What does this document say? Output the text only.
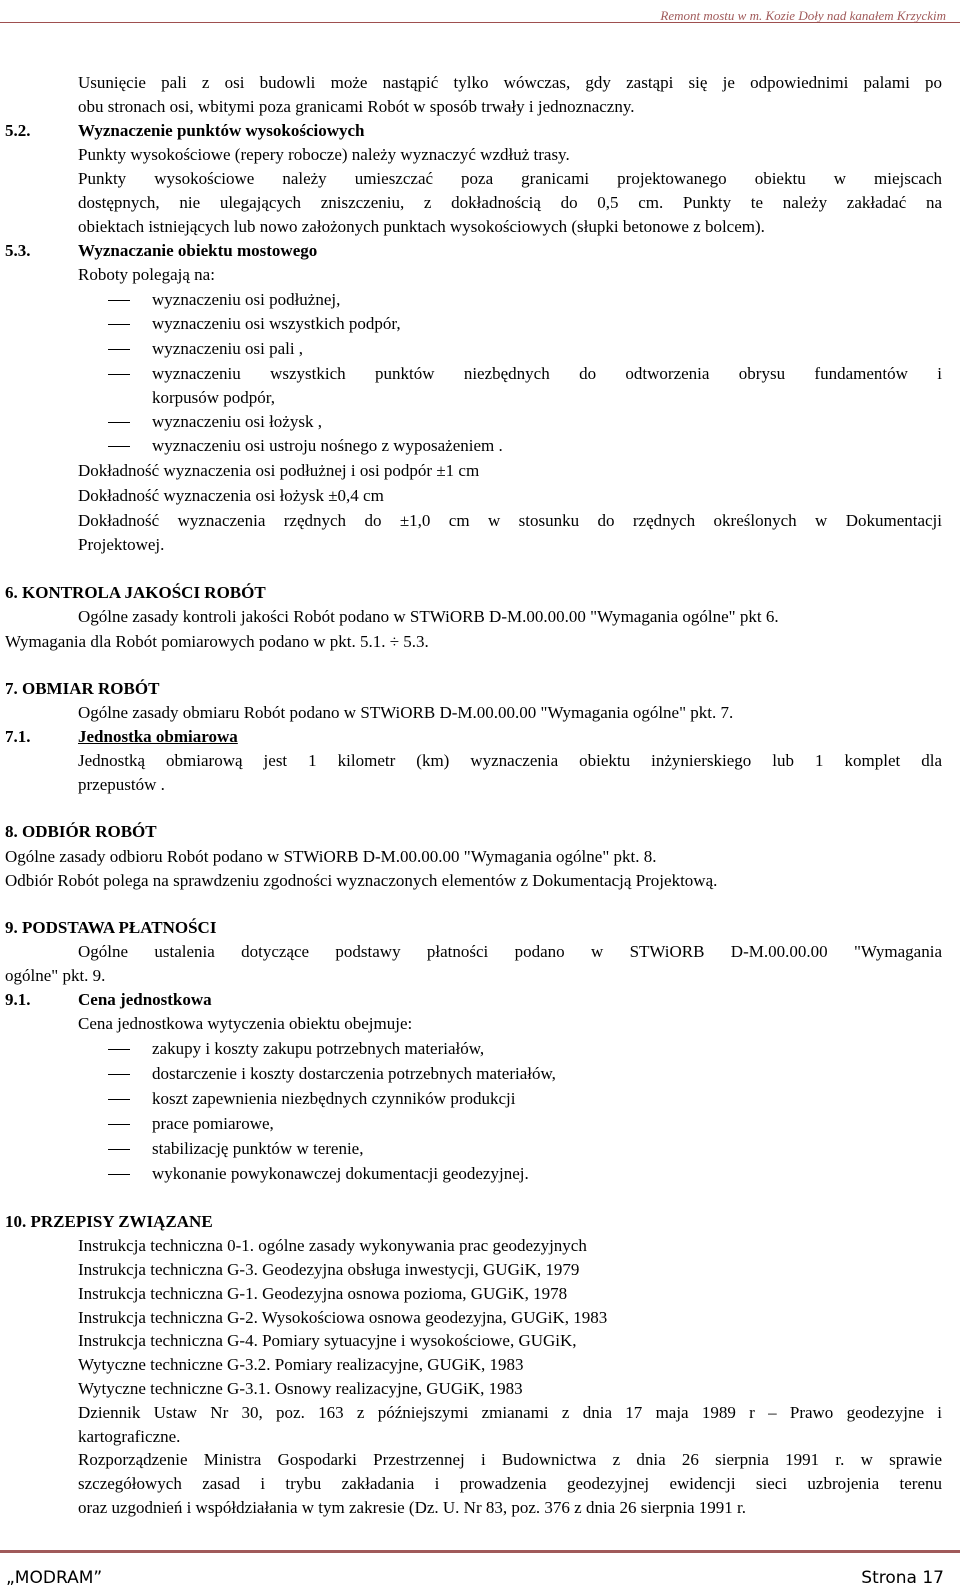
Remont mostu w m. Kozie Doły nad kanałem Krzyckim
Usunięcie pali z osi budowli może nastąpić tylko wówczas, gdy zastąpi się je odpowiednimi palami po
obu stronach osi, wbitymi poza granicami Robót w sposób trwały i jednoznaczny.
5.2.	Wyznaczenie punktów wysokościowych
Punkty wysokościowe (repery robocze) należy wyznaczyć wzdłuż trasy.
Punkty wysokościowe należy umieszczać poza granicami projektowanego obiektu w miejscach
dostępnych, nie ulegających zniszczeniu, z dokładnością do 0,5 cm. Punkty te należy zakładać na
obiektach istniejących lub nowo założonych punktach wysokościowych (słupki betonowe z bolcem).
5.3.	Wyznaczanie obiektu mostowego
Roboty polegają na:
wyznaczeniu osi podłużnej,
wyznaczeniu osi wszystkich podpór,
wyznaczeniu osi pali ,
wyznaczeniu wszystkich punktów niezbędnych do odtworzenia obrysu fundamentów i
korpusów podpór,
wyznaczeniu osi łożysk ,
wyznaczeniu osi ustroju nośnego z wyposażeniem .
Dokładność wyznaczenia osi podłużnej i osi podpór ±1 cm
Dokładność wyznaczenia osi łożysk ±0,4 cm
Dokładność wyznaczenia rzędnych do ±1,0 cm w stosunku do rzędnych określonych w Dokumentacji
Projektowej.
6. KONTROLA JAKOŚCI ROBÓT
Ogólne zasady kontroli jakości Robót podano w STWiORB D-M.00.00.00 "Wymagania ogólne" pkt 6.
Wymagania dla Robót pomiarowych podano w pkt. 5.1. ÷ 5.3.
7. OBMIAR ROBÓT
Ogólne zasady obmiaru Robót podano w STWiORB D-M.00.00.00 "Wymagania ogólne" pkt. 7.
7.1.	Jednostka obmiarowa
Jednostką obmiarową jest 1 kilometr (km) wyznaczenia obiektu inżynierskiego lub 1 komplet dla
przepustów .
8. ODBIÓR ROBÓT
Ogólne zasady odbioru Robót podano w STWiORB D-M.00.00.00 "Wymagania ogólne" pkt. 8.
Odbiór Robót polega na sprawdzeniu zgodności wyznaczonych elementów z Dokumentacją Projektową.
9. PODSTAWA PŁATNOŚCI
Ogólne ustalenia dotyczące podstawy płatności podano w STWiORB D-M.00.00.00 "Wymagania
ogólne" pkt. 9.
9.1.	Cena jednostkowa
Cena jednostkowa wytyczenia obiektu obejmuje:
zakupy i koszty zakupu potrzebnych materiałów,
dostarczenie i koszty dostarczenia potrzebnych materiałów,
koszt zapewnienia niezbędnych czynników produkcji
prace pomiarowe,
stabilizację punktów w terenie,
wykonanie powykonawczej dokumentacji geodezyjnej.
10. PRZEPISY ZWIĄZANE
Instrukcja techniczna 0-1. ogólne zasady wykonywania prac geodezyjnych
Instrukcja techniczna G-3. Geodezyjna obsługa inwestycji, GUGiK, 1979
Instrukcja techniczna G-1. Geodezyjna osnowa pozioma, GUGiK, 1978
Instrukcja techniczna G-2. Wysokościowa osnowa geodezyjna, GUGiK, 1983
Instrukcja techniczna G-4. Pomiary sytuacyjne i wysokościowe, GUGiK,
Wytyczne techniczne G-3.2. Pomiary realizacyjne, GUGiK, 1983
Wytyczne techniczne G-3.1. Osnowy realizacyjne, GUGiK, 1983
Dziennik Ustaw Nr 30, poz. 163 z późniejszymi zmianami z dnia 17 maja 1989 r – Prawo geodezyjne i
kartograficzne.
Rozporządzenie Ministra Gospodarki Przestrzennej i Budownictwa z dnia 26 sierpnia 1991 r. w sprawie
szczegółowych zasad i trybu zakładania i prowadzenia geodezyjnej ewidencji sieci uzbrojenia terenu
oraz uzgodnień i współdziałania w tym zakresie (Dz. U. Nr 83, poz. 376 z dnia 26 sierpnia 1991 r.
„MODRAM”	Strona 17
